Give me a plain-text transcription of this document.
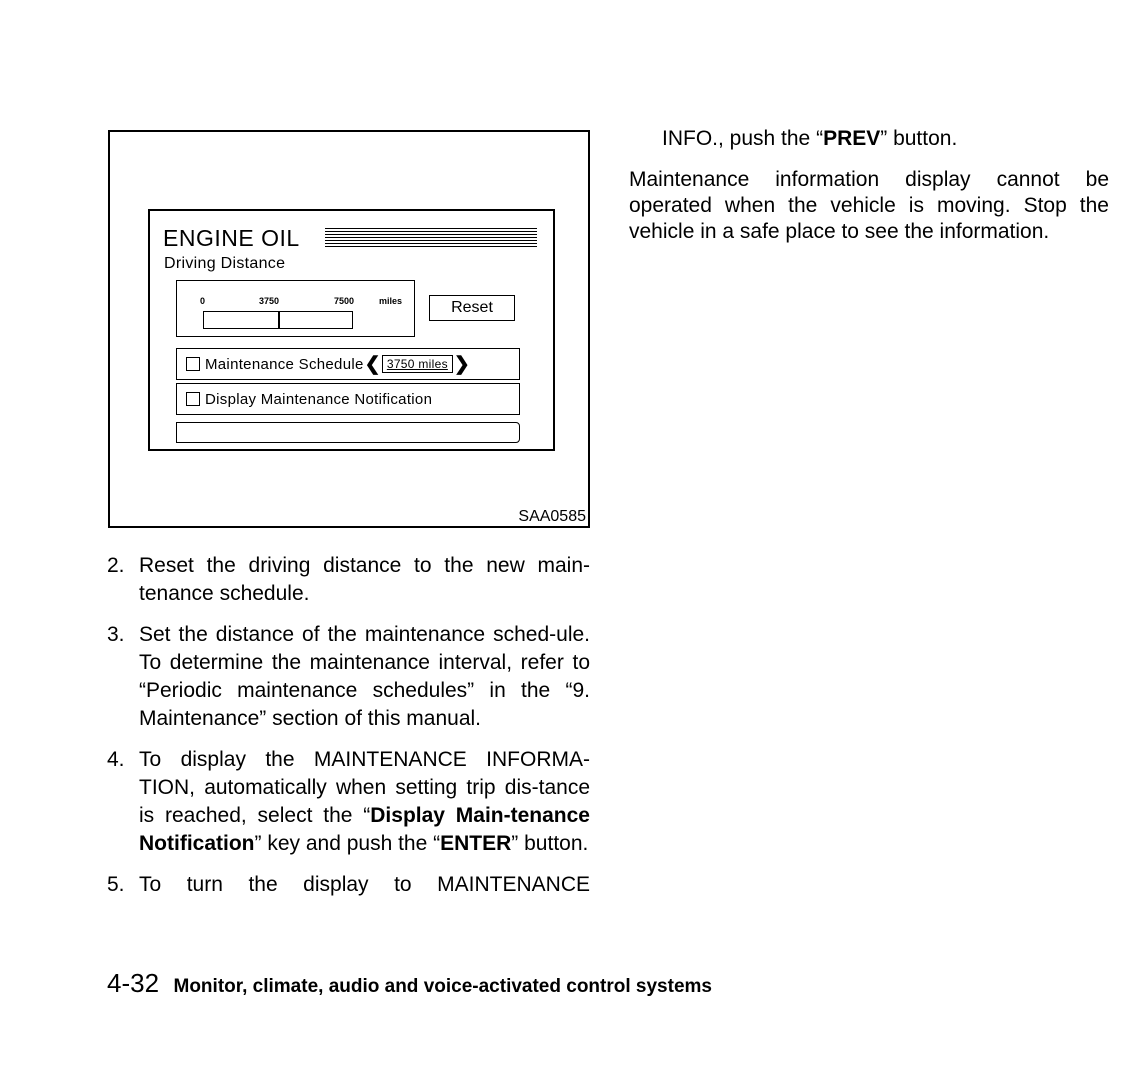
ENGINE OIL
Driving Distance
0	3750	7500	miles	Reset
Maintenance Schedule ❮ 3750 miles ❯
Display Maintenance Notification
SAA0585
2. Reset the driving distance to the new main-tenance schedule.
3. Set the distance of the maintenance sched-ule. To determine the maintenance interval, refer to “Periodic maintenance schedules” in the “9. Maintenance” section of this manual.
4. To display the MAINTENANCE INFORMA-TION, automatically when setting trip dis-tance is reached, select the “Display Main-tenance Notification” key and push the “ENTER” button.
5. To turn the display to MAINTENANCE
INFO., push the “PREV” button.
Maintenance information display cannot be operated when the vehicle is moving. Stop the vehicle in a safe place to see the information.
4-32 Monitor, climate, audio and voice-activated control systems
